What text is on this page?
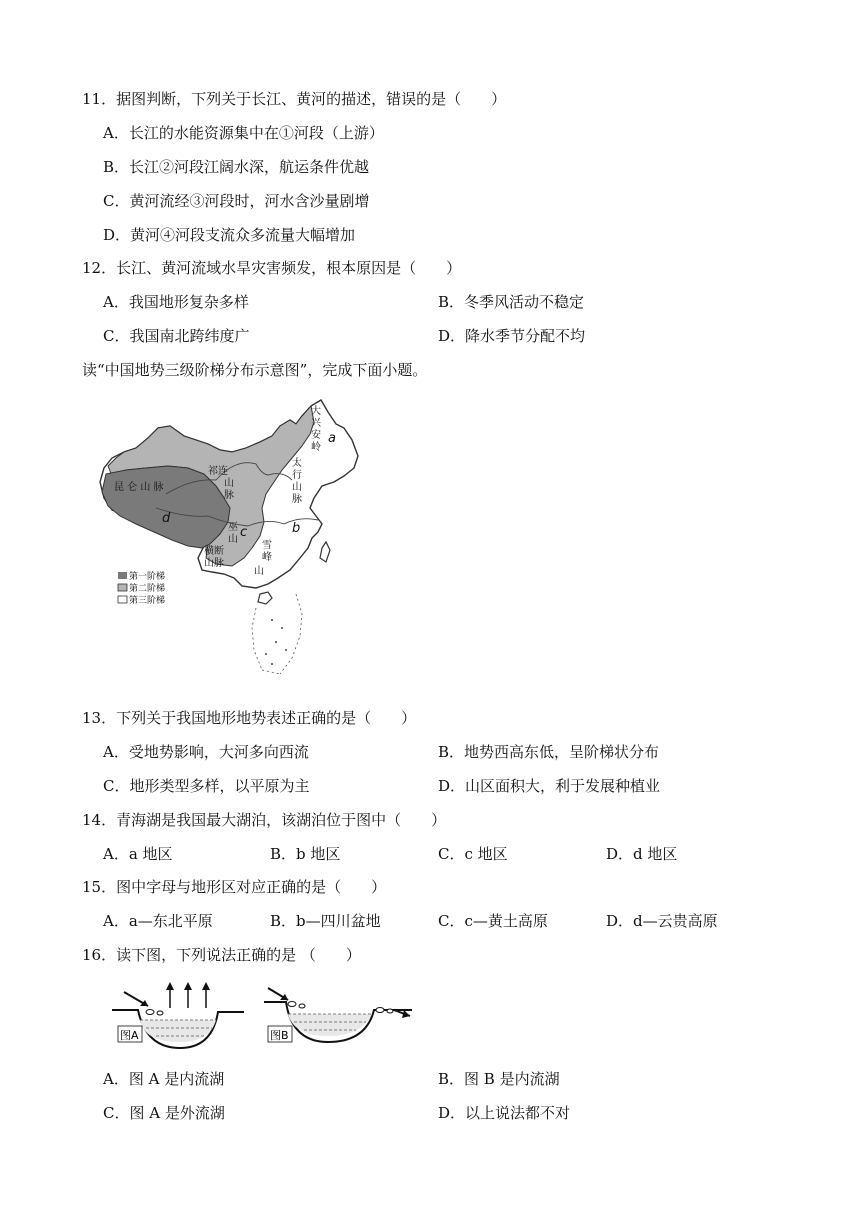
11．据图判断，下列关于长江、黄河的描述，错误的是（　　）
A．长江的水能资源集中在①河段（上游）
B．长江②河段江阔水深，航运条件优越
C．黄河流经③河段时，河水含沙量剧增
D．黄河④河段支流众多流量大幅增加
12．长江、黄河流域水旱灾害频发，根本原因是（　　）
A．我国地形复杂多样	B．冬季风活动不稳定
C．我国南北跨纬度广	D．降水季节分配不均
读“中国地势三级阶梯分布示意图”，完成下面小题。
第一阶梯
第二阶梯
第三阶梯
大
兴
安
岭
太
行
山
脉
祁 连
山
脉
昆 仑 山 脉
巫
山
雪
峰
山
横断
山脉
a
b
c
d
13．下列关于我国地形地势表述正确的是（　　）
A．受地势影响，大河多向西流	B．地势西高东低，呈阶梯状分布
C．地形类型多样，以平原为主	D．山区面积大，利于发展种植业
14．青海湖是我国最大湖泊，该湖泊位于图中（　　）
A．a 地区	B．b 地区	C．c 地区	D．d 地区
15．图中字母与地形区对应正确的是（　　）
A．a—东北平原	B．b—四川盆地	C．c—黄土高原	D．d—云贵高原
16．读下图，下列说法正确的是 （　　）
图A	图B
A．图 A 是内流湖	B．图 B 是内流湖
C．图 A 是外流湖	D．以上说法都不对
